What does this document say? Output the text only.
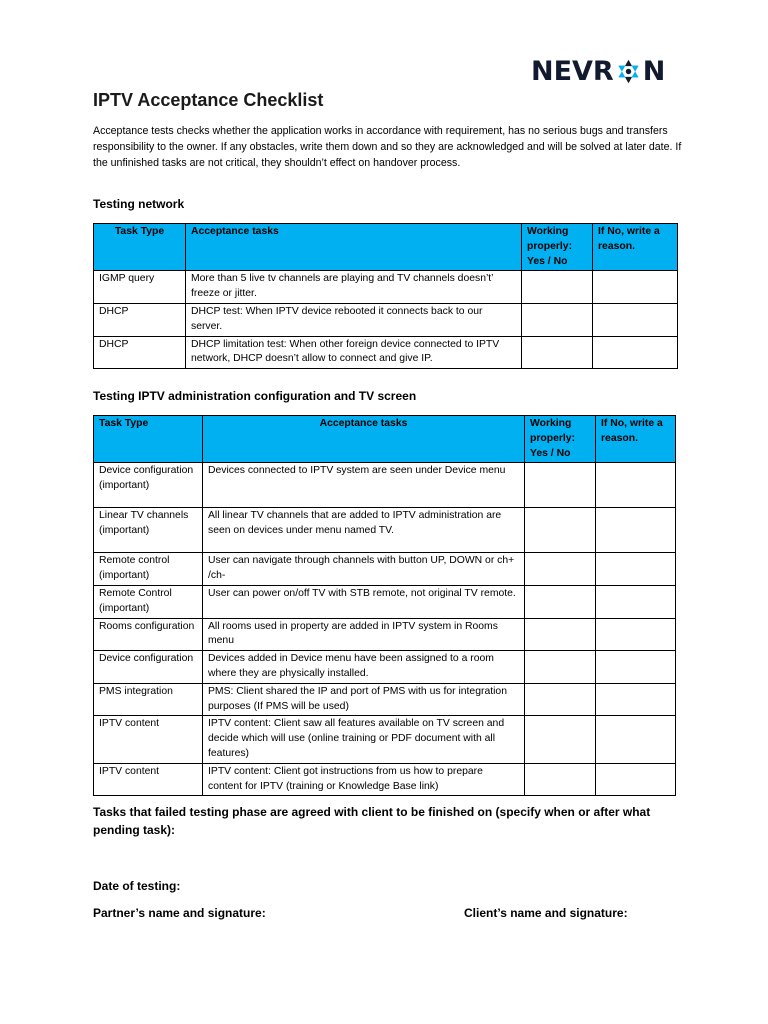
NEVR N
IPTV Acceptance Checklist

Acceptance tests checks whether the application works in accordance with requirement, has no serious bugs and transfers responsibility to the owner. If any obstacles, write them down and so they are acknowledged and will be solved at later date. If the unfinished tasks are not critical, they shouldn’t effect on handover process.

Testing network
Task Type	Acceptance tasks	Working properly: Yes / No	If No, write a reason.
IGMP query	More than 5 live tv channels are playing and TV channels doesn’t’ freeze or jitter.		
DHCP	DHCP test: When IPTV device rebooted it connects back to our server.		
DHCP	DHCP limitation test: When other foreign device connected to IPTV network, DHCP doesn’t allow to connect and give IP.		
Testing IPTV administration configuration and TV screen
Task Type	Acceptance tasks	Working properly: Yes / No	If No, write a reason.
Device configuration (important)	Devices connected to IPTV system are seen under Device menu		
Linear TV channels (important)	All linear TV channels that are added to IPTV administration are seen on devices under menu named TV.		
Remote control (important)	User can navigate through channels with button UP, DOWN or ch+ /ch-		
Remote Control (important)	User can power on/off TV with STB remote, not original TV remote.		
Rooms configuration	All rooms used in property are added in IPTV system in Rooms menu		
Device configuration	Devices added in Device menu have been assigned to a room where they are physically installed.		
PMS integration	PMS: Client shared the IP and port of PMS with us for integration purposes (If PMS will be used)		
IPTV content	IPTV content: Client saw all features available on TV screen and decide which will use (online training or PDF document with all features)		
IPTV content	IPTV content: Client got instructions from us how to prepare content for IPTV (training or Knowledge Base link)		

Tasks that failed testing phase are agreed with client to be finished on (specify when or after what pending task):

Date of testing:

Partner’s name and signature:	Client’s name and signature:
